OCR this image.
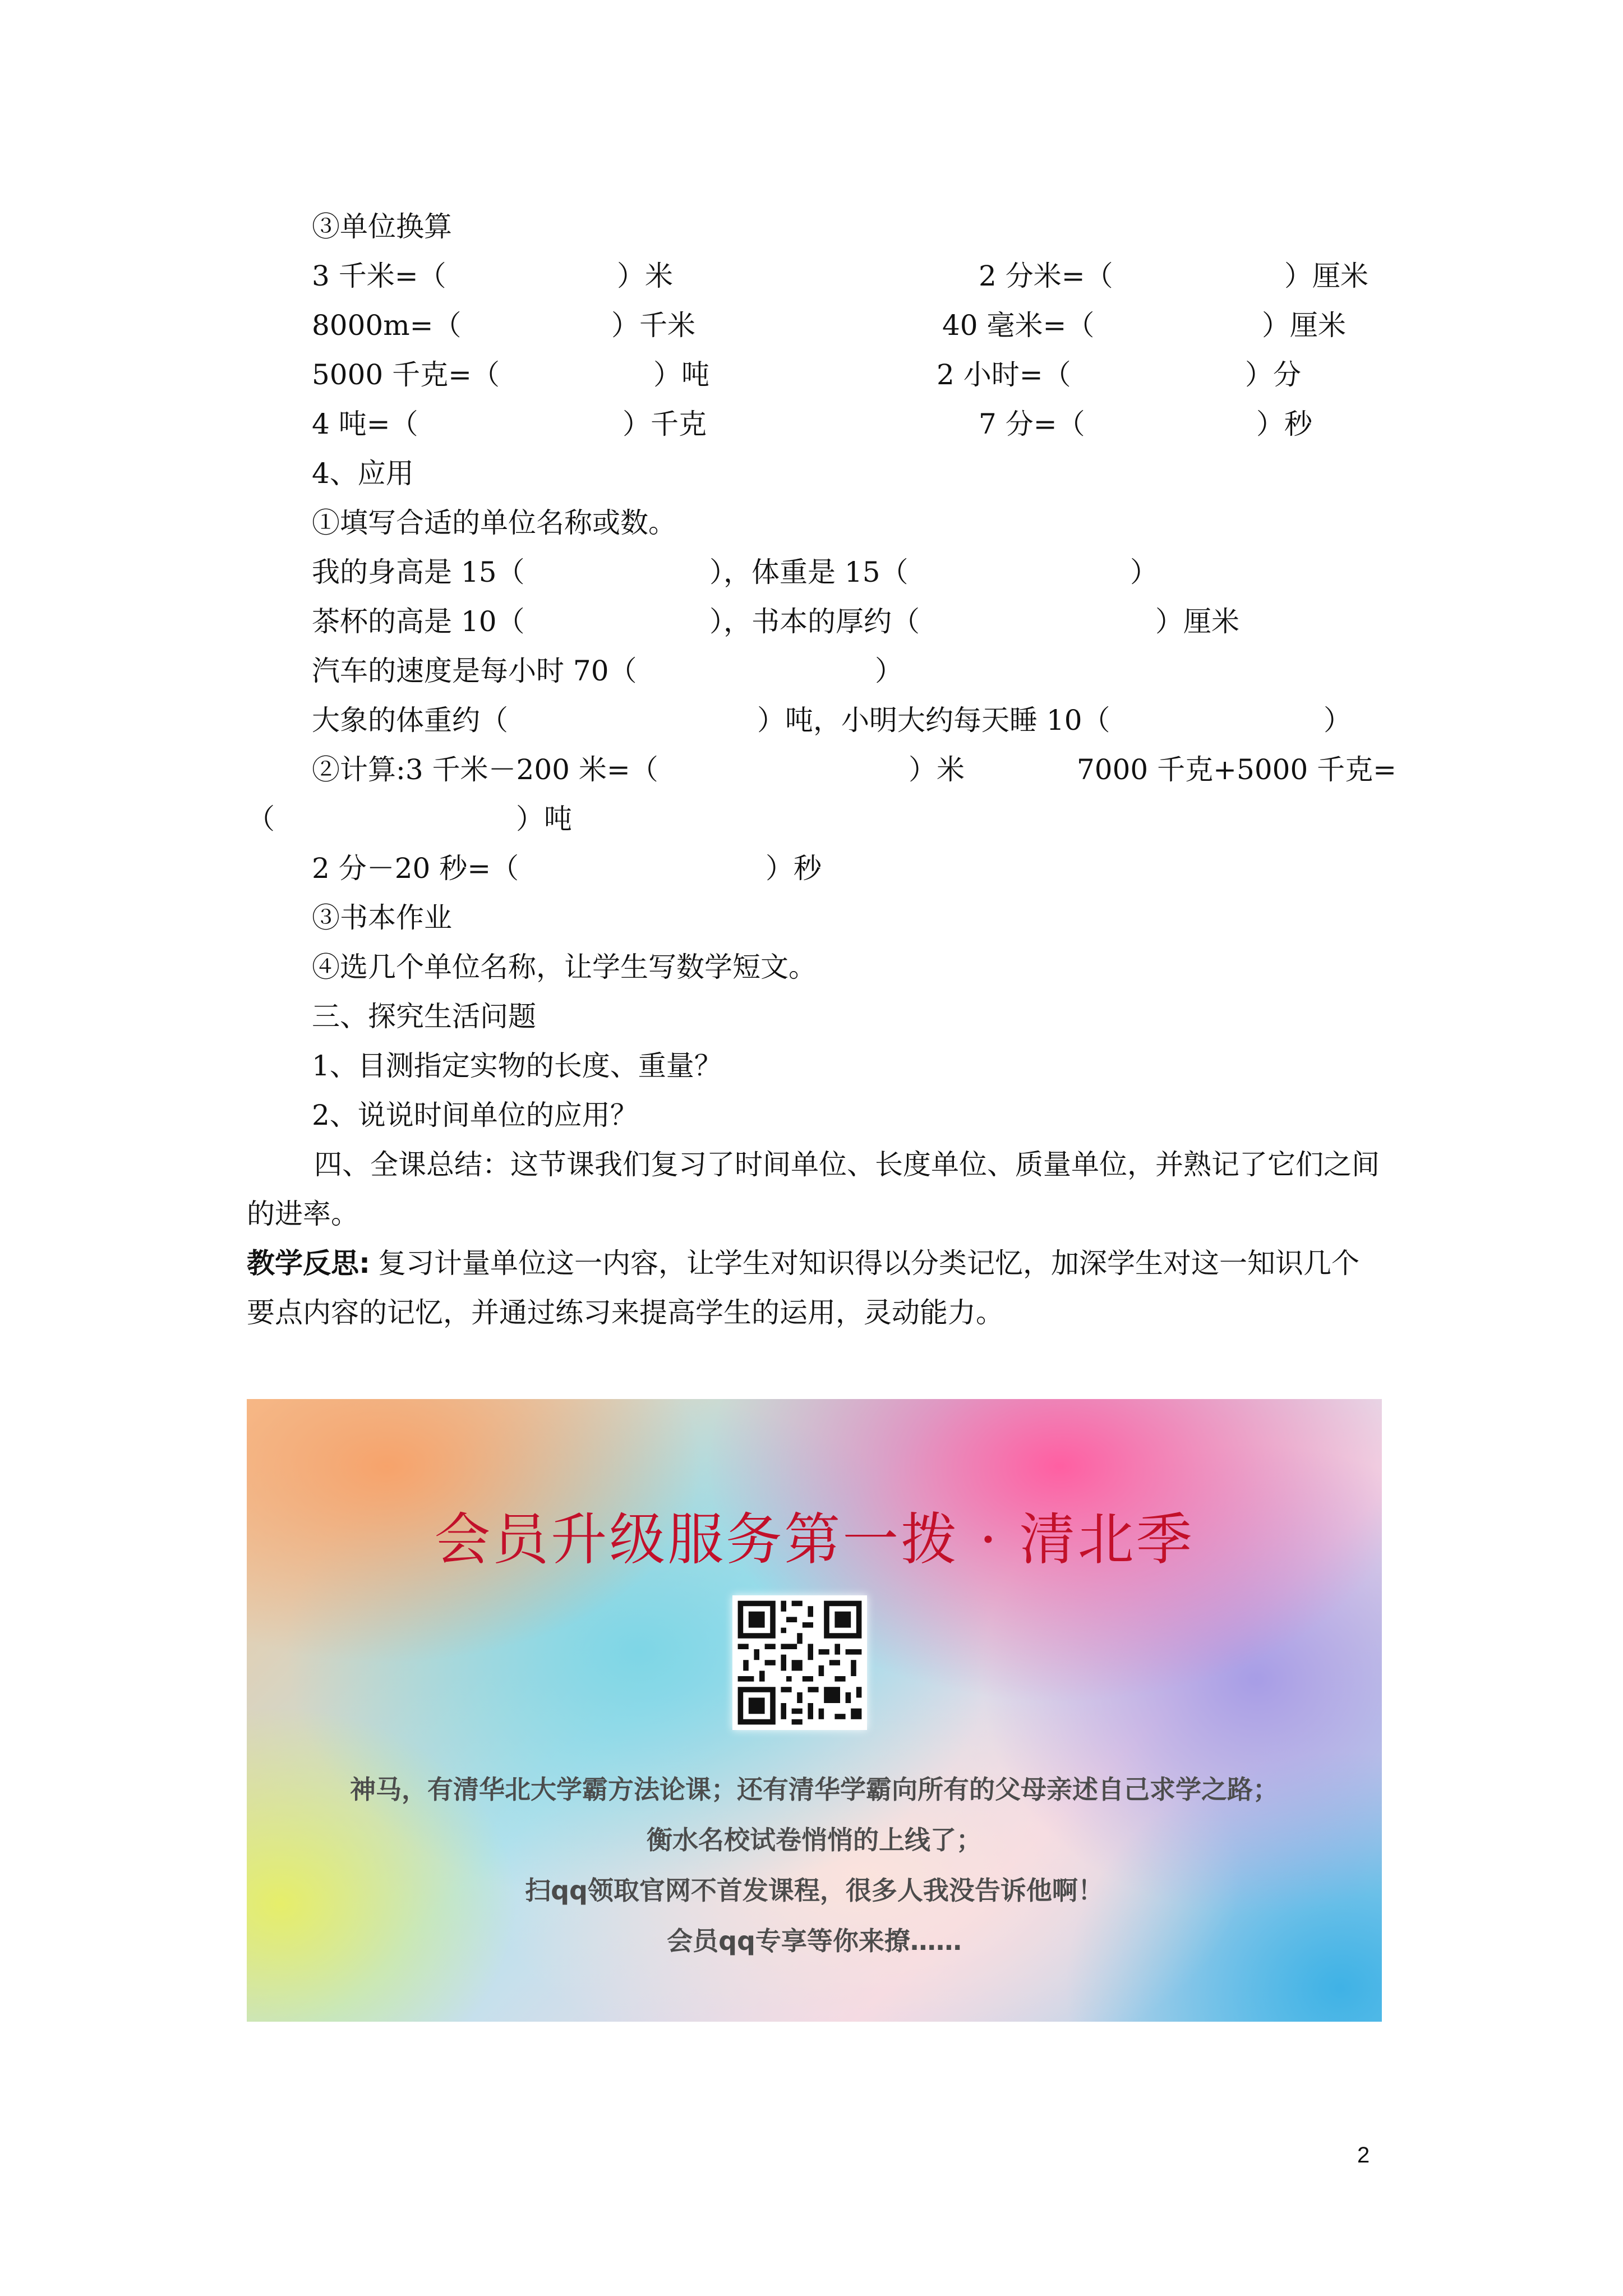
③单位换算
3 千米=（	）米	2 分米=（	）厘米
8000m=（	）千米	40 毫米=（	）厘米
5000 千克=（	）吨	2 小时=（	）分
4 吨=（	）千克	7 分=（	）秒
4、应用
①填写合适的单位名称或数。
我的身高是 15（	），体重是 15（	）
茶杯的高是 10（	），书本的厚约（	）厘米
汽车的速度是每小时 70（	）
大象的体重约（	）吨，小明大约每天睡 10（	）
②计算:3 千米－200 米=（	）米	7000 千克+5000 千克=
（	）吨
2 分－20 秒=（	）秒
③书本作业
④选几个单位名称，让学生写数学短文。
三、探究生活问题
1、目测指定实物的长度、重量？
2、说说时间单位的应用？
四、全课总结：这节课我们复习了时间单位、长度单位、质量单位，并熟记了它们之间的进率。
教学反思: 复习计量单位这一内容，让学生对知识得以分类记忆，加深学生对这一知识几个要点内容的记忆，并通过练习来提高学生的运用，灵动能力。
会员升级服务第一拨 · 清北季
神马，有清华北大学霸方法论课；还有清华学霸向所有的父母亲述自己求学之路；
衡水名校试卷悄悄的上线了；
扫qq领取官网不首发课程，很多人我没告诉他啊！
会员qq专享等你来撩……
2
